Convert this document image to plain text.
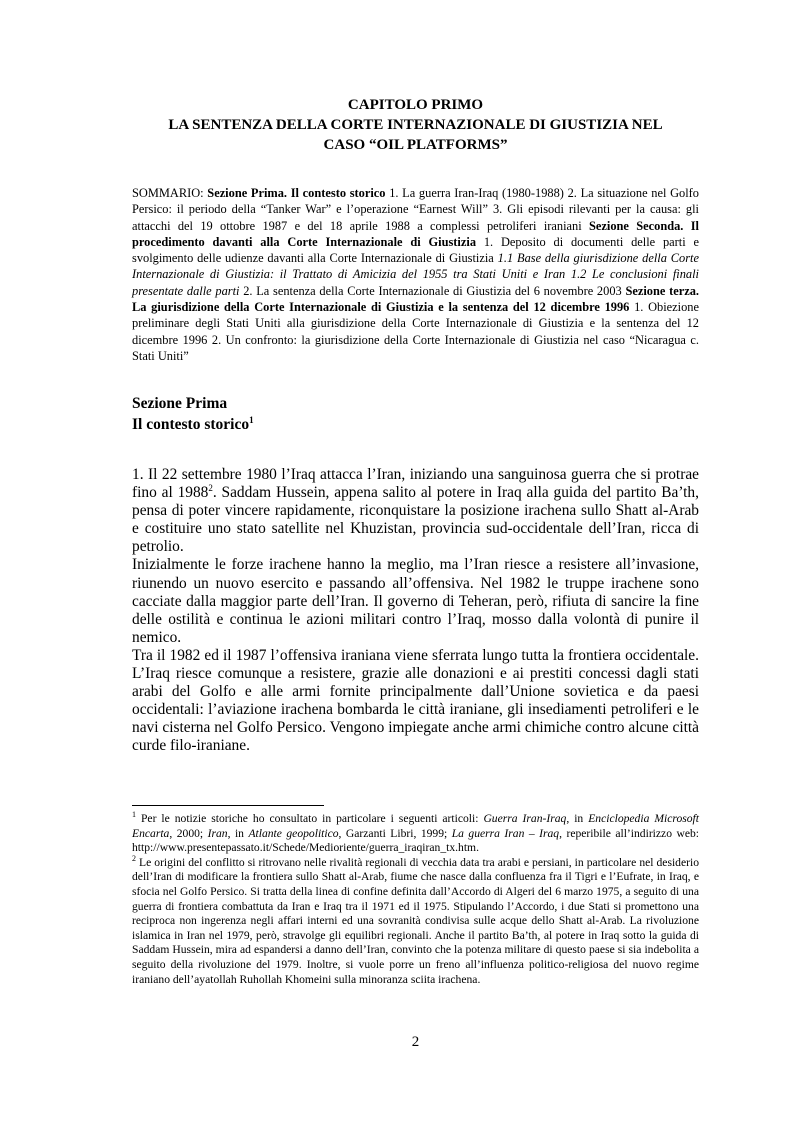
CAPITOLO PRIMO
LA SENTENZA DELLA CORTE INTERNAZIONALE DI GIUSTIZIA NEL
CASO “OIL PLATFORMS”
SOMMARIO: Sezione Prima. Il contesto storico 1. La guerra Iran-Iraq (1980-1988) 2. La situazione nel Golfo Persico: il periodo della “Tanker War” e l’operazione “Earnest Will” 3. Gli episodi rilevanti per la causa: gli attacchi del 19 ottobre 1987 e del 18 aprile 1988 a complessi petroliferi iraniani Sezione Seconda. Il procedimento davanti alla Corte Internazionale di Giustizia 1. Deposito di documenti delle parti e svolgimento delle udienze davanti alla Corte Internazionale di Giustizia 1.1 Base della giurisdizione della Corte Internazionale di Giustizia: il Trattato di Amicizia del 1955 tra Stati Uniti e Iran 1.2 Le conclusioni finali presentate dalle parti 2. La sentenza della Corte Internazionale di Giustizia del 6 novembre 2003 Sezione terza. La giurisdizione della Corte Internazionale di Giustizia e la sentenza del 12 dicembre 1996 1. Obiezione preliminare degli Stati Uniti alla giurisdizione della Corte Internazionale di Giustizia e la sentenza del 12 dicembre 1996 2. Un confronto: la giurisdizione della Corte Internazionale di Giustizia nel caso “Nicaragua c. Stati Uniti”
Sezione Prima
Il contesto storico$^1$

1. Il 22 settembre 1980 l’Iraq attacca l’Iran, iniziando una sanguinosa guerra che si protrae fino al 1988$^2$. Saddam Hussein, appena salito al potere in Iraq alla guida del partito Ba’th, pensa di poter vincere rapidamente, riconquistare la posizione irachena sullo Shatt al-Arab e costituire uno stato satellite nel Khuzistan, provincia sud-occidentale dell’Iran, ricca di petrolio.

Inizialmente le forze irachene hanno la meglio, ma l’Iran riesce a resistere all’invasione, riunendo un nuovo esercito e passando all’offensiva. Nel 1982 le truppe irachene sono cacciate dalla maggior parte dell’Iran. Il governo di Teheran, però, rifiuta di sancire la fine delle ostilità e continua le azioni militari contro l’Iraq, mosso dalla volontà di punire il nemico.

Tra il 1982 ed il 1987 l’offensiva iraniana viene sferrata lungo tutta la frontiera occidentale. L’Iraq riesce comunque a resistere, grazie alle donazioni e ai prestiti concessi dagli stati arabi del Golfo e alle armi fornite principalmente dall’Unione sovietica e da paesi occidentali: l’aviazione irachena bombarda le città iraniane, gli insediamenti petroliferi e le navi cisterna nel Golfo Persico. Vengono impiegate anche armi chimiche contro alcune città curde filo-iraniane.

$^1$ Per le notizie storiche ho consultato in particolare i seguenti articoli: Guerra Iran-Iraq, in Enciclopedia Microsoft Encarta, 2000; Iran, in Atlante geopolitico, Garzanti Libri, 1999; La guerra Iran – Iraq, reperibile all’indirizzo web: http://www.presentepassato.it/Schede/Medioriente/guerra_iraqiran_tx.htm.

$^2$ Le origini del conflitto si ritrovano nelle rivalità regionali di vecchia data tra arabi e persiani, in particolare nel desiderio dell’Iran di modificare la frontiera sullo Shatt al-Arab, fiume che nasce dalla confluenza fra il Tigri e l’Eufrate, in Iraq, e sfocia nel Golfo Persico. Si tratta della linea di confine definita dall’Accordo di Algeri del 6 marzo 1975, a seguito di una guerra di frontiera combattuta da Iran e Iraq tra il 1971 ed il 1975. Stipulando l’Accordo, i due Stati si promettono una reciproca non ingerenza negli affari interni ed una sovranità condivisa sulle acque dello Shatt al-Arab. La rivoluzione islamica in Iran nel 1979, però, stravolge gli equilibri regionali. Anche il partito Ba’th, al potere in Iraq sotto la guida di Saddam Hussein, mira ad espandersi a danno dell’Iran, convinto che la potenza militare di questo paese si sia indebolita a seguito della rivoluzione del 1979. Inoltre, si vuole porre un freno all’influenza politico-religiosa del nuovo regime iraniano dell’ayatollah Ruhollah Khomeini sulla minoranza sciita irachena.

2
